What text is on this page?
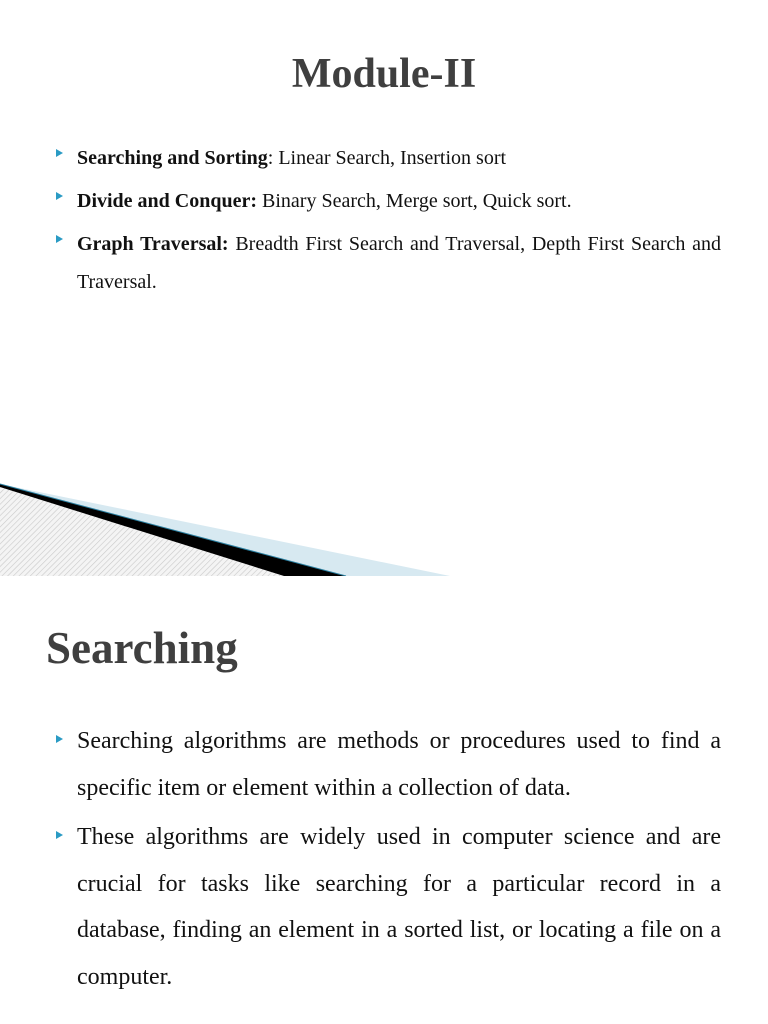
Module-II
Searching and Sorting: Linear Search, Insertion sort
Divide and Conquer: Binary Search, Merge sort, Quick sort.
Graph Traversal: Breadth First Search and Traversal, Depth First Search and Traversal.
Searching
Searching algorithms are methods or procedures used to find a specific item or element within a collection of data.
These algorithms are widely used in computer science and are crucial for tasks like searching for a particular record in a database, finding an element in a sorted list, or locating a file on a computer.
